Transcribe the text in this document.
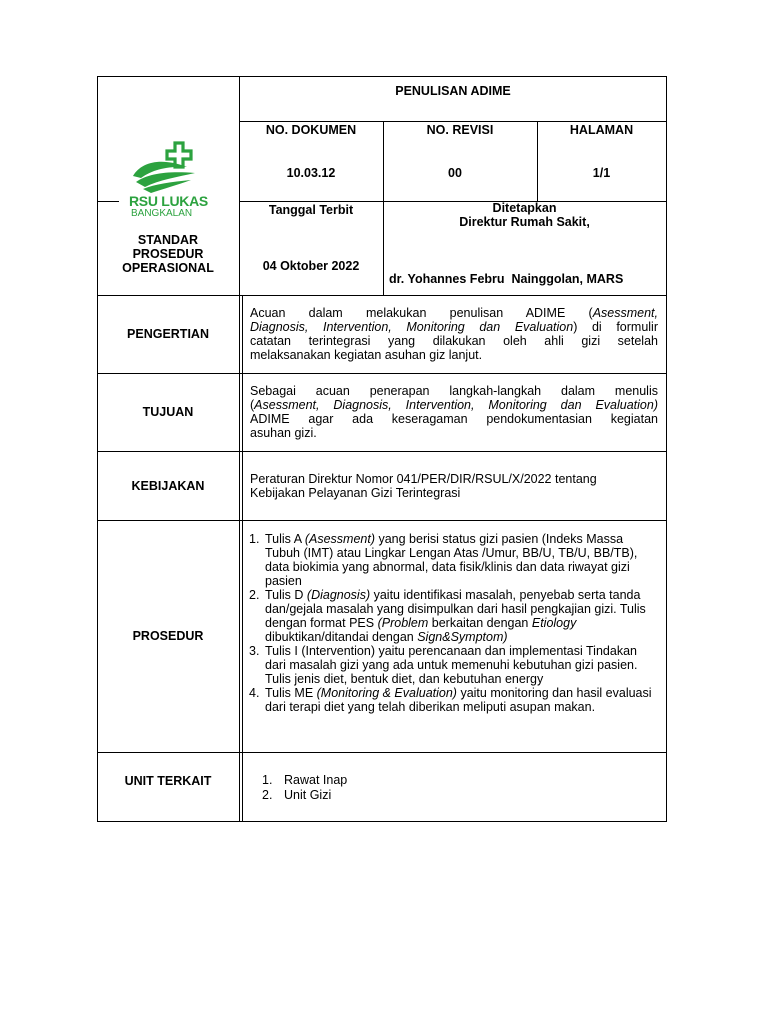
RSU LUKAS
BANGKALAN
STANDAR
PROSEDUR
OPERASIONAL
PENULISAN ADIME
NO. DOKUMEN	NO. REVISI	HALAMAN
10.03.12	00	1/1
Tanggal Terbit
04 Oktober 2022
Ditetapkan
Direktur Rumah Sakit,
dr. Yohannes Febru  Nainggolan, MARS
PENGERTIAN
Acuan dalam melakukan penulisan ADIME (Asessment,
Diagnosis, Intervention, Monitoring dan Evaluation) di formulir
catatan terintegrasi yang dilakukan oleh ahli gizi setelah
melaksanakan kegiatan asuhan giz lanjut.
TUJUAN
Sebagai acuan penerapan langkah-langkah dalam menulis
(Asessment, Diagnosis, Intervention, Monitoring dan Evaluation)
ADIME agar ada keseragaman pendokumentasian kegiatan
asuhan gizi.
KEBIJAKAN	Peraturan Direktur Nomor 041/PER/DIR/RSUL/X/2022 tentang
Kebijakan Pelayanan Gizi Terintegrasi
PROSEDUR
1. Tulis A (Asessment) yang berisi status gizi pasien (Indeks Massa Tubuh (IMT) atau Lingkar Lengan Atas /Umur, BB/U, TB/U, BB/TB), data biokimia yang abnormal, data fisik/klinis dan data riwayat gizi pasien
2. Tulis D (Diagnosis) yaitu identifikasi masalah, penyebab serta tanda dan/gejala masalah yang disimpulkan dari hasil pengkajian gizi. Tulis dengan format PES (Problem berkaitan dengan Etiology dibuktikan/ditandai dengan Sign&Symptom)
3. Tulis I (Intervention) yaitu perencanaan dan implementasi Tindakan dari masalah gizi yang ada untuk memenuhi kebutuhan gizi pasien. Tulis jenis diet, bentuk diet, dan kebutuhan energy
4. Tulis ME (Monitoring & Evaluation) yaitu monitoring dan hasil evaluasi dari terapi diet yang telah diberikan meliputi asupan makan.
UNIT TERKAIT	1. Rawat Inap
2. Unit Gizi
